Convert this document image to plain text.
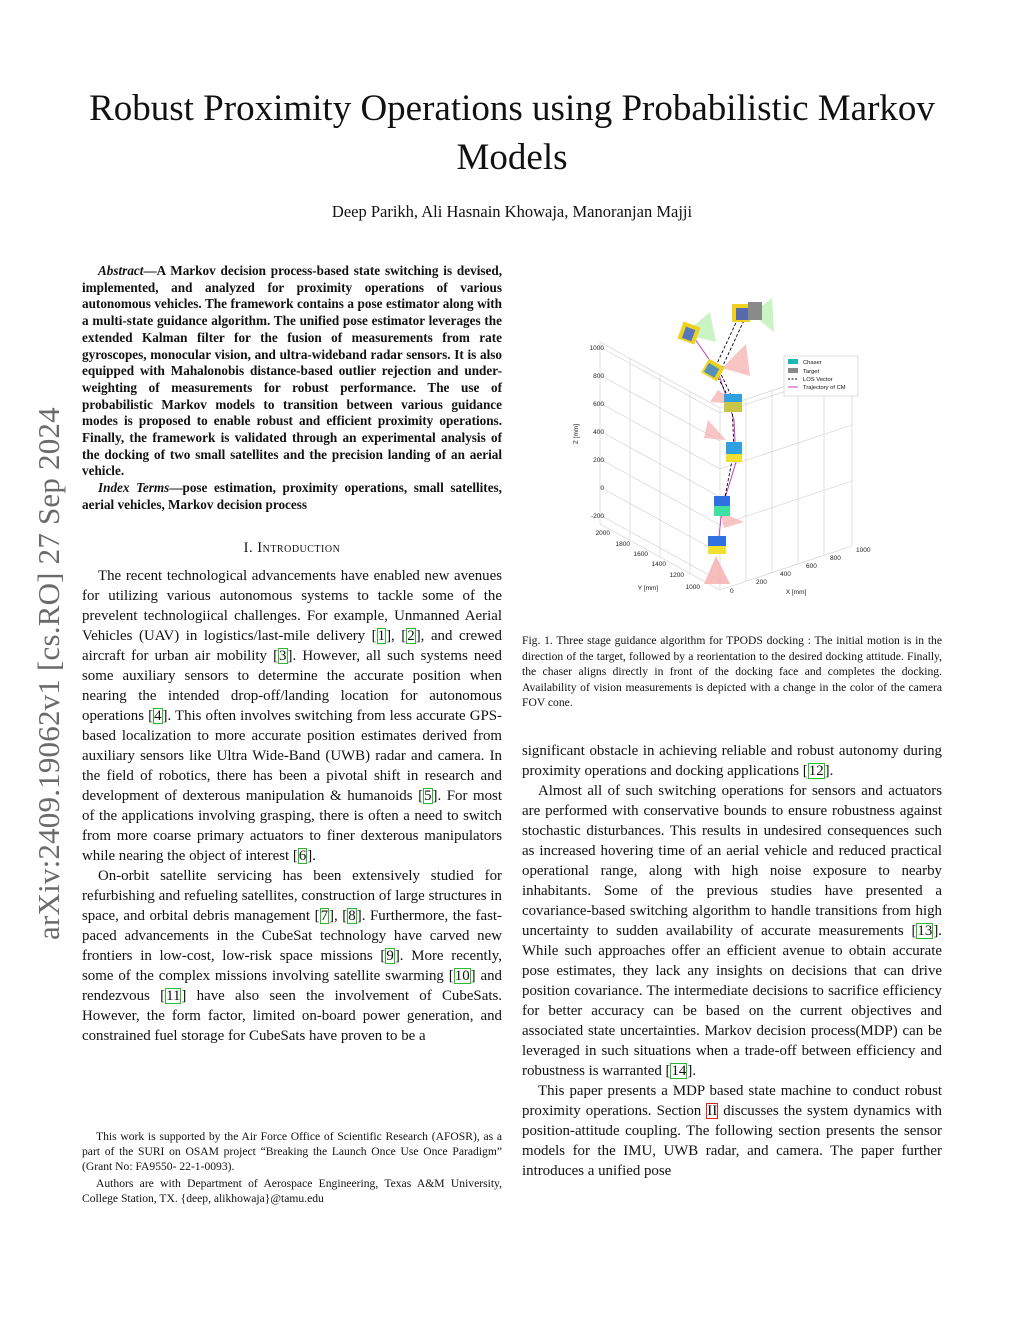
Robust Proximity Operations using Probabilistic Markov Models
Deep Parikh, Ali Hasnain Khowaja, Manoranjan Majji
arXiv:2409.19062v1 [cs.RO] 27 Sep 2024

Abstract—A Markov decision process-based state switching is devised, implemented, and analyzed for proximity operations of various autonomous vehicles. The framework contains a pose estimator along with a multi-state guidance algorithm. The unified pose estimator leverages the extended Kalman filter for the fusion of measurements from rate gyroscopes, monocular vision, and ultra-wideband radar sensors. It is also equipped with Mahalonobis distance-based outlier rejection and under-weighting of measurements for robust performance. The use of probabilistic Markov models to transition between various guidance modes is proposed to enable robust and efficient proximity operations. Finally, the framework is validated through an experimental analysis of the docking of two small satellites and the precision landing of an aerial vehicle.

Index Terms—pose estimation, proximity operations, small satellites, aerial vehicles, Markov decision process

I. Introduction

The recent technological advancements have enabled new avenues for utilizing various autonomous systems to tackle some of the prevelent technologiical challenges. For example, Unmanned Aerial Vehicles (UAV) in logistics/last-mile delivery [1], [2], and crewed aircraft for urban air mobility [3]. However, all such systems need some auxiliary sensors to determine the accurate position when nearing the intended drop-off/landing location for autonomous operations [4]. This often involves switching from less accurate GPS-based localization to more accurate position estimates derived from auxiliary sensors like Ultra Wide-Band (UWB) radar and camera. In the field of robotics, there has been a pivotal shift in research and development of dexterous manipulation & humanoids [5]. For most of the applications involving grasping, there is often a need to switch from more coarse primary actuators to finer dexterous manipulators while nearing the object of interest [6].

On-orbit satellite servicing has been extensively studied for refurbishing and refueling satellites, construction of large structures in space, and orbital debris management [7], [8]. Furthermore, the fast-paced advancements in the CubeSat technology have carved new frontiers in low-cost, low-risk space missions [9]. More recently, some of the complex missions involving satellite swarming [10] and rendezvous [11] have also seen the involvement of CubeSats. However, the form factor, limited on-board power generation, and constrained fuel storage for CubeSats have proven to be a

This work is supported by the Air Force Office of Scientific Research (AFOSR), as a part of the SURI on OSAM project “Breaking the Launch Once Use Once Paradigm” (Grant No: FA9550- 22-1-0093).

Authors are with Department of Aerospace Engineering, Texas A&M University, College Station, TX. {deep, alikhowaja}@tamu.edu

1000
800
600
400
200
0
-200
Z [mm]
2000
1800
1600
1400
1200
1000
Y [mm]	0
200
400
600
800
1000
X [mm]
Chaser
Target
LOS Vector
Trajectory of CM

Fig. 1. Three stage guidance algorithm for TPODS docking : The initial motion is in the direction of the target, followed by a reorientation to the desired docking attitude. Finally, the chaser aligns directly in front of the docking face and completes the docking. Availability of vision measurements is depicted with a change in the color of the camera FOV cone.

significant obstacle in achieving reliable and robust autonomy during proximity operations and docking applications [12].

Almost all of such switching operations for sensors and actuators are performed with conservative bounds to ensure robustness against stochastic disturbances. This results in undesired consequences such as increased hovering time of an aerial vehicle and reduced practical operational range, along with high noise exposure to nearby inhabitants. Some of the previous studies have presented a covariance-based switching algorithm to handle transitions from high uncertainty to sudden availability of accurate measurements [13]. While such approaches offer an efficient avenue to obtain accurate pose estimates, they lack any insights on decisions that can drive position covariance. The intermediate decisions to sacrifice efficiency for better accuracy can be based on the current objectives and associated state uncertainties. Markov decision process(MDP) can be leveraged in such situations when a trade-off between efficiency and robustness is warranted [14].

This paper presents a MDP based state machine to conduct robust proximity operations. Section II discusses the system dynamics with position-attitude coupling. The following section presents the sensor models for the IMU, UWB radar, and camera. The paper further introduces a unified pose
